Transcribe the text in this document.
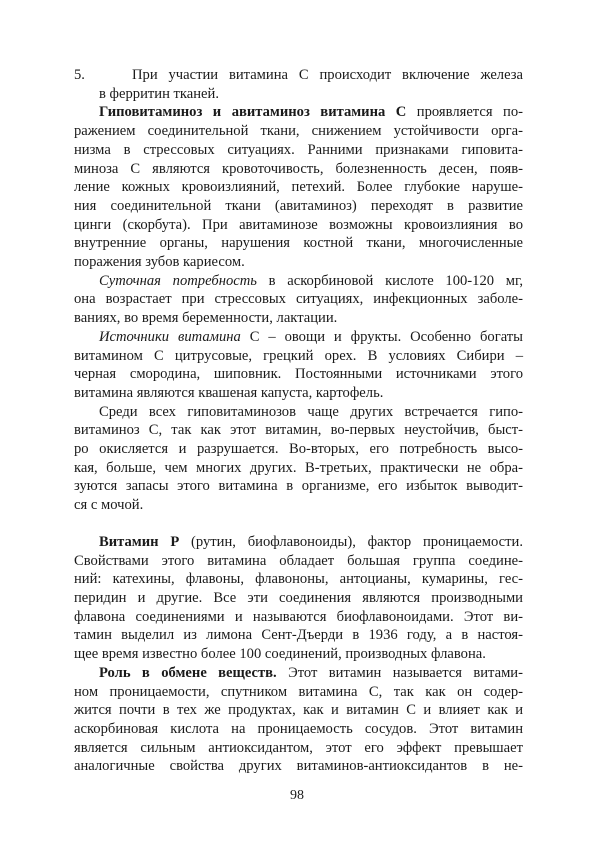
5.	При участии витамина С происходит включение железа
в ферритин тканей.
Гиповитаминоз и авитаминоз витамина С проявляется по-
ражением соединительной ткани, снижением устойчивости орга-
низма в стрессовых ситуациях. Ранними признаками гиповита-
миноза С являются кровоточивость, болезненность десен, появ-
ление кожных кровоизлияний, петехий. Более глубокие наруше-
ния соединительной ткани (авитаминоз) переходят в развитие
цинги (скорбута). При авитаминозе возможны кровоизлияния во
внутренние органы, нарушения костной ткани, многочисленные
поражения зубов кариесом.
Суточная потребность в аскорбиновой кислоте 100-120 мг,
она возрастает при стрессовых ситуациях, инфекционных заболе-
ваниях, во время беременности, лактации.
Источники витамина С – овощи и фрукты. Особенно богаты
витамином С цитрусовые, грецкий орех. В условиях Сибири –
черная смородина, шиповник. Постоянными источниками этого
витамина являются квашеная капуста, картофель.
Среди всех гиповитаминозов чаще других встречается гипо-
витаминоз С, так как этот витамин, во-первых неустойчив, быст-
ро окисляется и разрушается. Во-вторых, его потребность высо-
кая, больше, чем многих других. В-третьих, практически не обра-
зуются запасы этого витамина в организме, его избыток выводит-
ся с мочой.
Витамин Р (рутин, биофлавоноиды), фактор проницаемости.
Свойствами этого витамина обладает большая группа соедине-
ний: катехины, флавоны, флавононы, антоцианы, кумарины, гес-
перидин и другие. Все эти соединения являются производными
флавона соединениями и называются биофлавоноидами. Этот ви-
тамин выделил из лимона Сент-Дъерди в 1936 году, а в настоя-
щее время известно более 100 соединений, производных флавона.
Роль в обмене веществ. Этот витамин называется витами-
ном проницаемости, спутником витамина С, так как он содер-
жится почти в тех же продуктах, как и витамин С и влияет как и
аскорбиновая кислота на проницаемость сосудов. Этот витамин
является сильным антиоксидантом, этот его эффект превышает
аналогичные свойства других витаминов-антиоксидантов в не-
98
